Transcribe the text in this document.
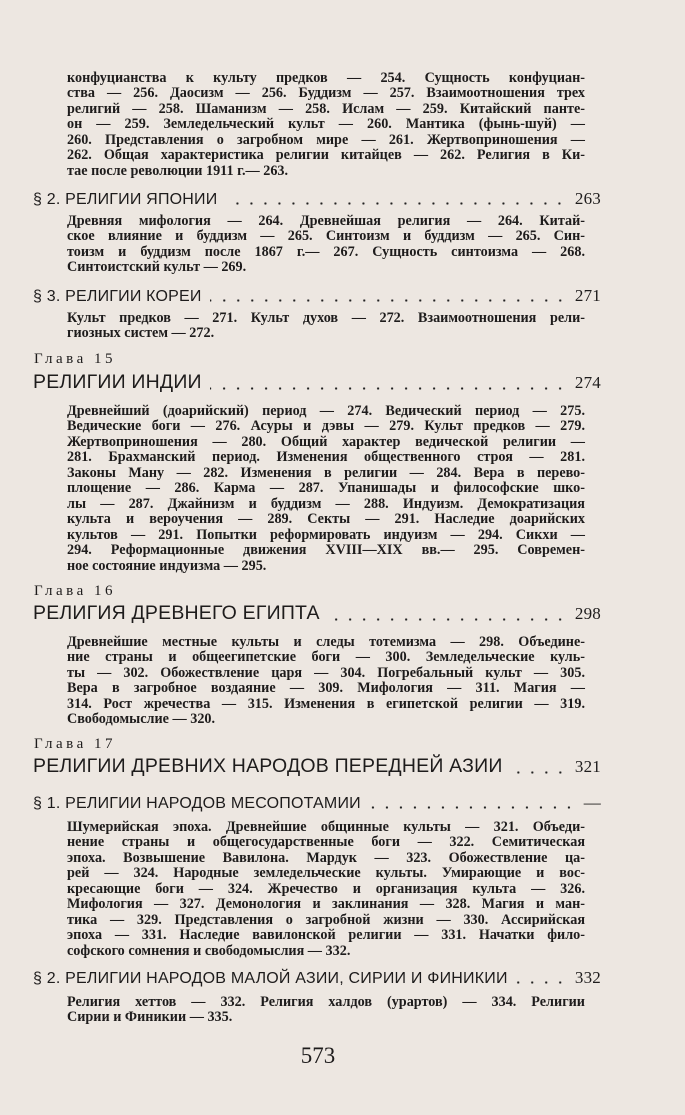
конфуцианства к культу предков — 254. Сущность конфуциан-
ства — 256. Даосизм — 256. Буддизм — 257. Взаимоотношения трех
религий — 258. Шаманизм — 258. Ислам — 259. Китайский панте-
он — 259. Земледельческий культ — 260. Мантика (фынь-шуй) —
260. Представления о загробном мире — 261. Жертвоприношения —
262. Общая характеристика религии китайцев — 262. Религия в Ки-
тае после революции 1911 г.— 263.
§ 2. РЕЛИГИИ ЯПОНИИ	263
Древняя мифология — 264. Древнейшая религия — 264. Китай-
ское влияние и буддизм — 265. Синтоизм и буддизм — 265. Син-
тоизм и буддизм после 1867 г.— 267. Сущность синтоизма — 268.
Синтоистский культ — 269.
§ 3. РЕЛИГИИ КОРЕИ	271
Культ предков — 271. Культ духов — 272. Взаимоотношения рели-
гиозных систем — 272.
Глава 15
РЕЛИГИИ ИНДИИ	274
Древнейший (доарийский) период — 274. Ведический период — 275.
Ведические боги — 276. Асуры и дэвы — 279. Культ предков — 279.
Жертвоприношения — 280. Общий характер ведической религии —
281. Брахманский период. Изменения общественного строя — 281.
Законы Ману — 282. Изменения в религии — 284. Вера в перево-
площение — 286. Карма — 287. Упанишады и философские шко-
лы — 287. Джайнизм и буддизм — 288. Индуизм. Демократизация
культа и вероучения — 289. Секты — 291. Наследие доарийских
культов — 291. Попытки реформировать индуизм — 294. Сикхи —
294. Реформационные движения XVIII—XIX вв.— 295. Современ-
ное состояние индуизма — 295.
Глава 16
РЕЛИГИЯ ДРЕВНЕГО ЕГИПТА	298
Древнейшие местные культы и следы тотемизма — 298. Объедине-
ние страны и общеегипетские боги — 300. Земледельческие куль-
ты — 302. Обожествление царя — 304. Погребальный культ — 305.
Вера в загробное воздаяние — 309. Мифология — 311. Магия —
314. Рост жречества — 315. Изменения в египетской религии — 319.
Свободомыслие — 320.
Глава 17
РЕЛИГИИ ДРЕВНИХ НАРОДОВ ПЕРЕДНЕЙ АЗИИ	321
§ 1. РЕЛИГИИ НАРОДОВ МЕСОПОТАМИИ	—
Шумерийская эпоха. Древнейшие общинные культы — 321. Объеди-
нение страны и общегосударственные боги — 322. Семитическая
эпоха. Возвышение Вавилона. Мардук — 323. Обожествление ца-
рей — 324. Народные земледельческие культы. Умирающие и вос-
кресающие боги — 324. Жречество и организация культа — 326.
Мифология — 327. Демонология и заклинания — 328. Магия и ман-
тика — 329. Представления о загробной жизни — 330. Ассирийская
эпоха — 331. Наследие вавилонской религии — 331. Начатки фило-
софского сомнения и свободомыслия — 332.
§ 2. РЕЛИГИИ НАРОДОВ МАЛОЙ АЗИИ, СИРИИ И ФИНИКИИ	332
Религия хеттов — 332. Религия халдов (урартов) — 334. Религии
Сирии и Финикии — 335.
573
